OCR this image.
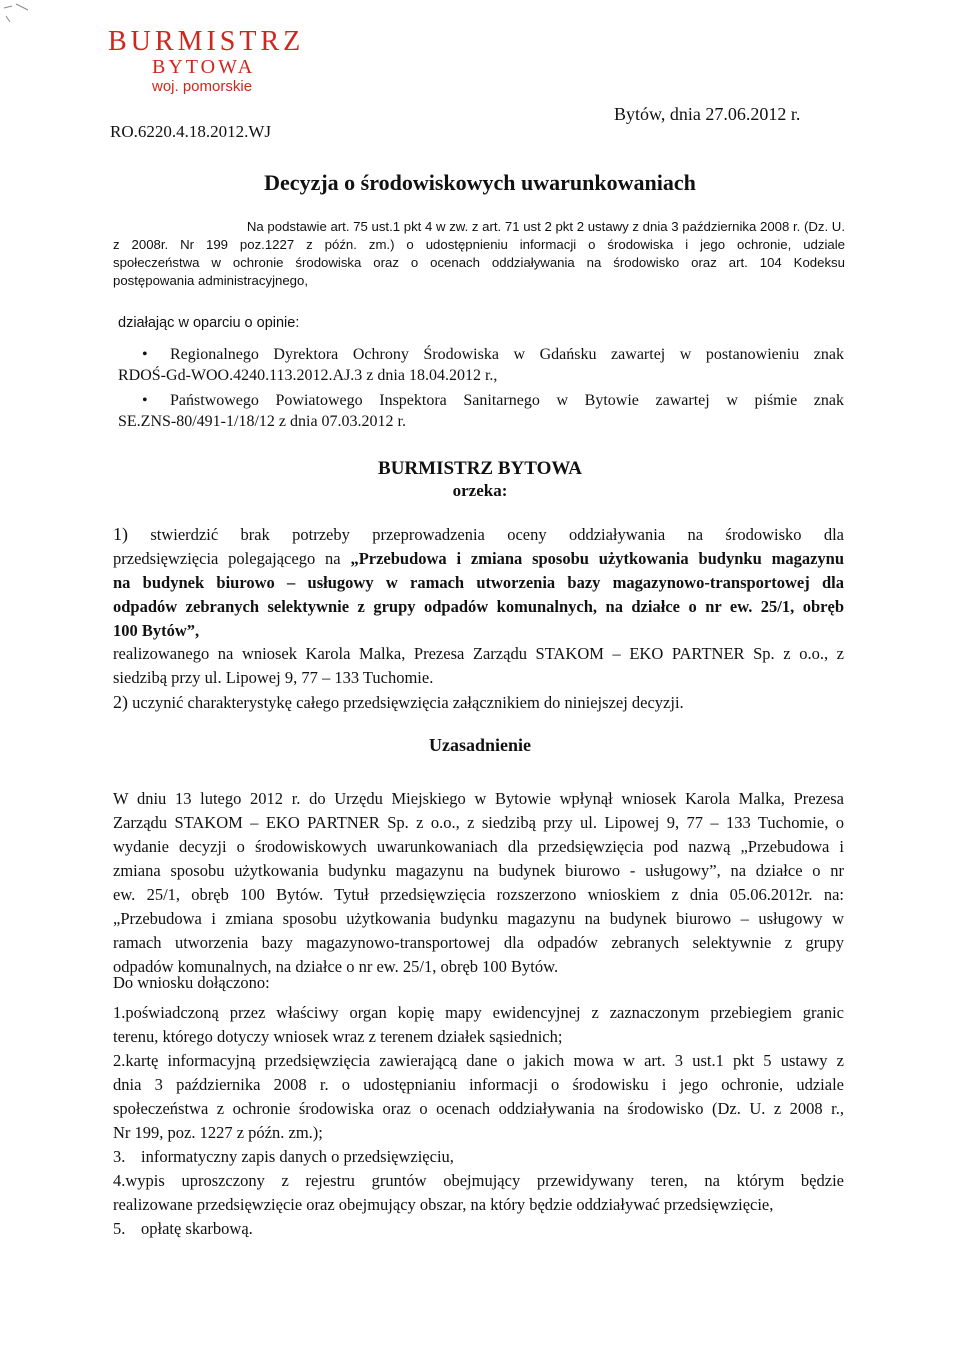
BURMISTRZ
BYTOWA
woj. pomorskie
RO.6220.4.18.2012.WJ
Bytów, dnia 27.06.2012 r.
Decyzja o środowiskowych uwarunkowaniach
Na podstawie art. 75 ust.1 pkt 4 w zw. z art. 71 ust 2 pkt 2 ustawy z dnia 3 października 2008 r. (Dz. U.
z 2008r. Nr 199 poz.1227 z późn. zm.) o udostępnieniu informacji o środowiska i jego ochronie, udziale
społeczeństwa w ochronie środowiska oraz o ocenach oddziaływania na środowisko oraz art. 104 Kodeksu
postępowania administracyjnego,
działając w oparciu o opinie:
• Regionalnego Dyrektora Ochrony Środowiska w Gdańsku zawartej w postanowieniu znak
RDOŚ-Gd-WOO.4240.113.2012.AJ.3 z dnia 18.04.2012 r.,
• Państwowego Powiatowego Inspektora Sanitarnego w Bytowie zawartej w piśmie znak
SE.ZNS-80/491-1/18/12 z dnia 07.03.2012 r.
BURMISTRZ BYTOWA
orzeka:
1) stwierdzić brak potrzeby przeprowadzenia oceny oddziaływania na środowisko dla
przedsięwzięcia polegającego na „Przebudowa i zmiana sposobu użytkowania budynku magazynu
na budynek biurowo – usługowy w ramach utworzenia bazy magazynowo-transportowej dla
odpadów zebranych selektywnie z grupy odpadów komunalnych, na działce o nr ew. 25/1, obręb
100 Bytów”,
realizowanego na wniosek Karola Malka, Prezesa Zarządu STAKOM – EKO PARTNER Sp. z o.o., z
siedzibą przy ul. Lipowej 9, 77 – 133 Tuchomie.
2) uczynić charakterystykę całego przedsięwzięcia załącznikiem do niniejszej decyzji.
Uzasadnienie
W dniu 13 lutego 2012 r. do Urzędu Miejskiego w Bytowie wpłynął wniosek Karola Malka, Prezesa
Zarządu STAKOM – EKO PARTNER Sp. z o.o., z siedzibą przy ul. Lipowej 9, 77 – 133 Tuchomie, o
wydanie decyzji o środowiskowych uwarunkowaniach dla przedsięwzięcia pod nazwą „Przebudowa i
zmiana sposobu użytkowania budynku magazynu na budynek biurowo - usługowy”, na działce o nr
ew. 25/1, obręb 100 Bytów. Tytuł przedsięwzięcia rozszerzono wnioskiem z dnia 05.06.2012r. na:
„Przebudowa i zmiana sposobu użytkowania budynku magazynu na budynek biurowo – usługowy w
ramach utworzenia bazy magazynowo-transportowej dla odpadów zebranych selektywnie z grupy
odpadów komunalnych, na działce o nr ew. 25/1, obręb 100 Bytów.
Do wniosku dołączono:
1.poświadczoną przez właściwy organ kopię mapy ewidencyjnej z zaznaczonym przebiegiem granic
terenu, którego dotyczy wniosek wraz z terenem działek sąsiednich;
2.kartę informacyjną przedsięwzięcia zawierającą dane o jakich mowa w art. 3 ust.1 pkt 5 ustawy z
dnia 3 października 2008 r. o udostępnianiu informacji o środowisku i jego ochronie, udziale
społeczeństwa z ochronie środowiska oraz o ocenach oddziaływania na środowisko (Dz. U. z 2008 r.,
Nr 199, poz. 1227 z późn. zm.);
3. informatyczny zapis danych o przedsięwzięciu,
4.wypis uproszczony z rejestru gruntów obejmujący przewidywany teren, na którym będzie
realizowane przedsięwzięcie oraz obejmujący obszar, na który będzie oddziaływać przedsięwzięcie,
5. opłatę skarbową.
